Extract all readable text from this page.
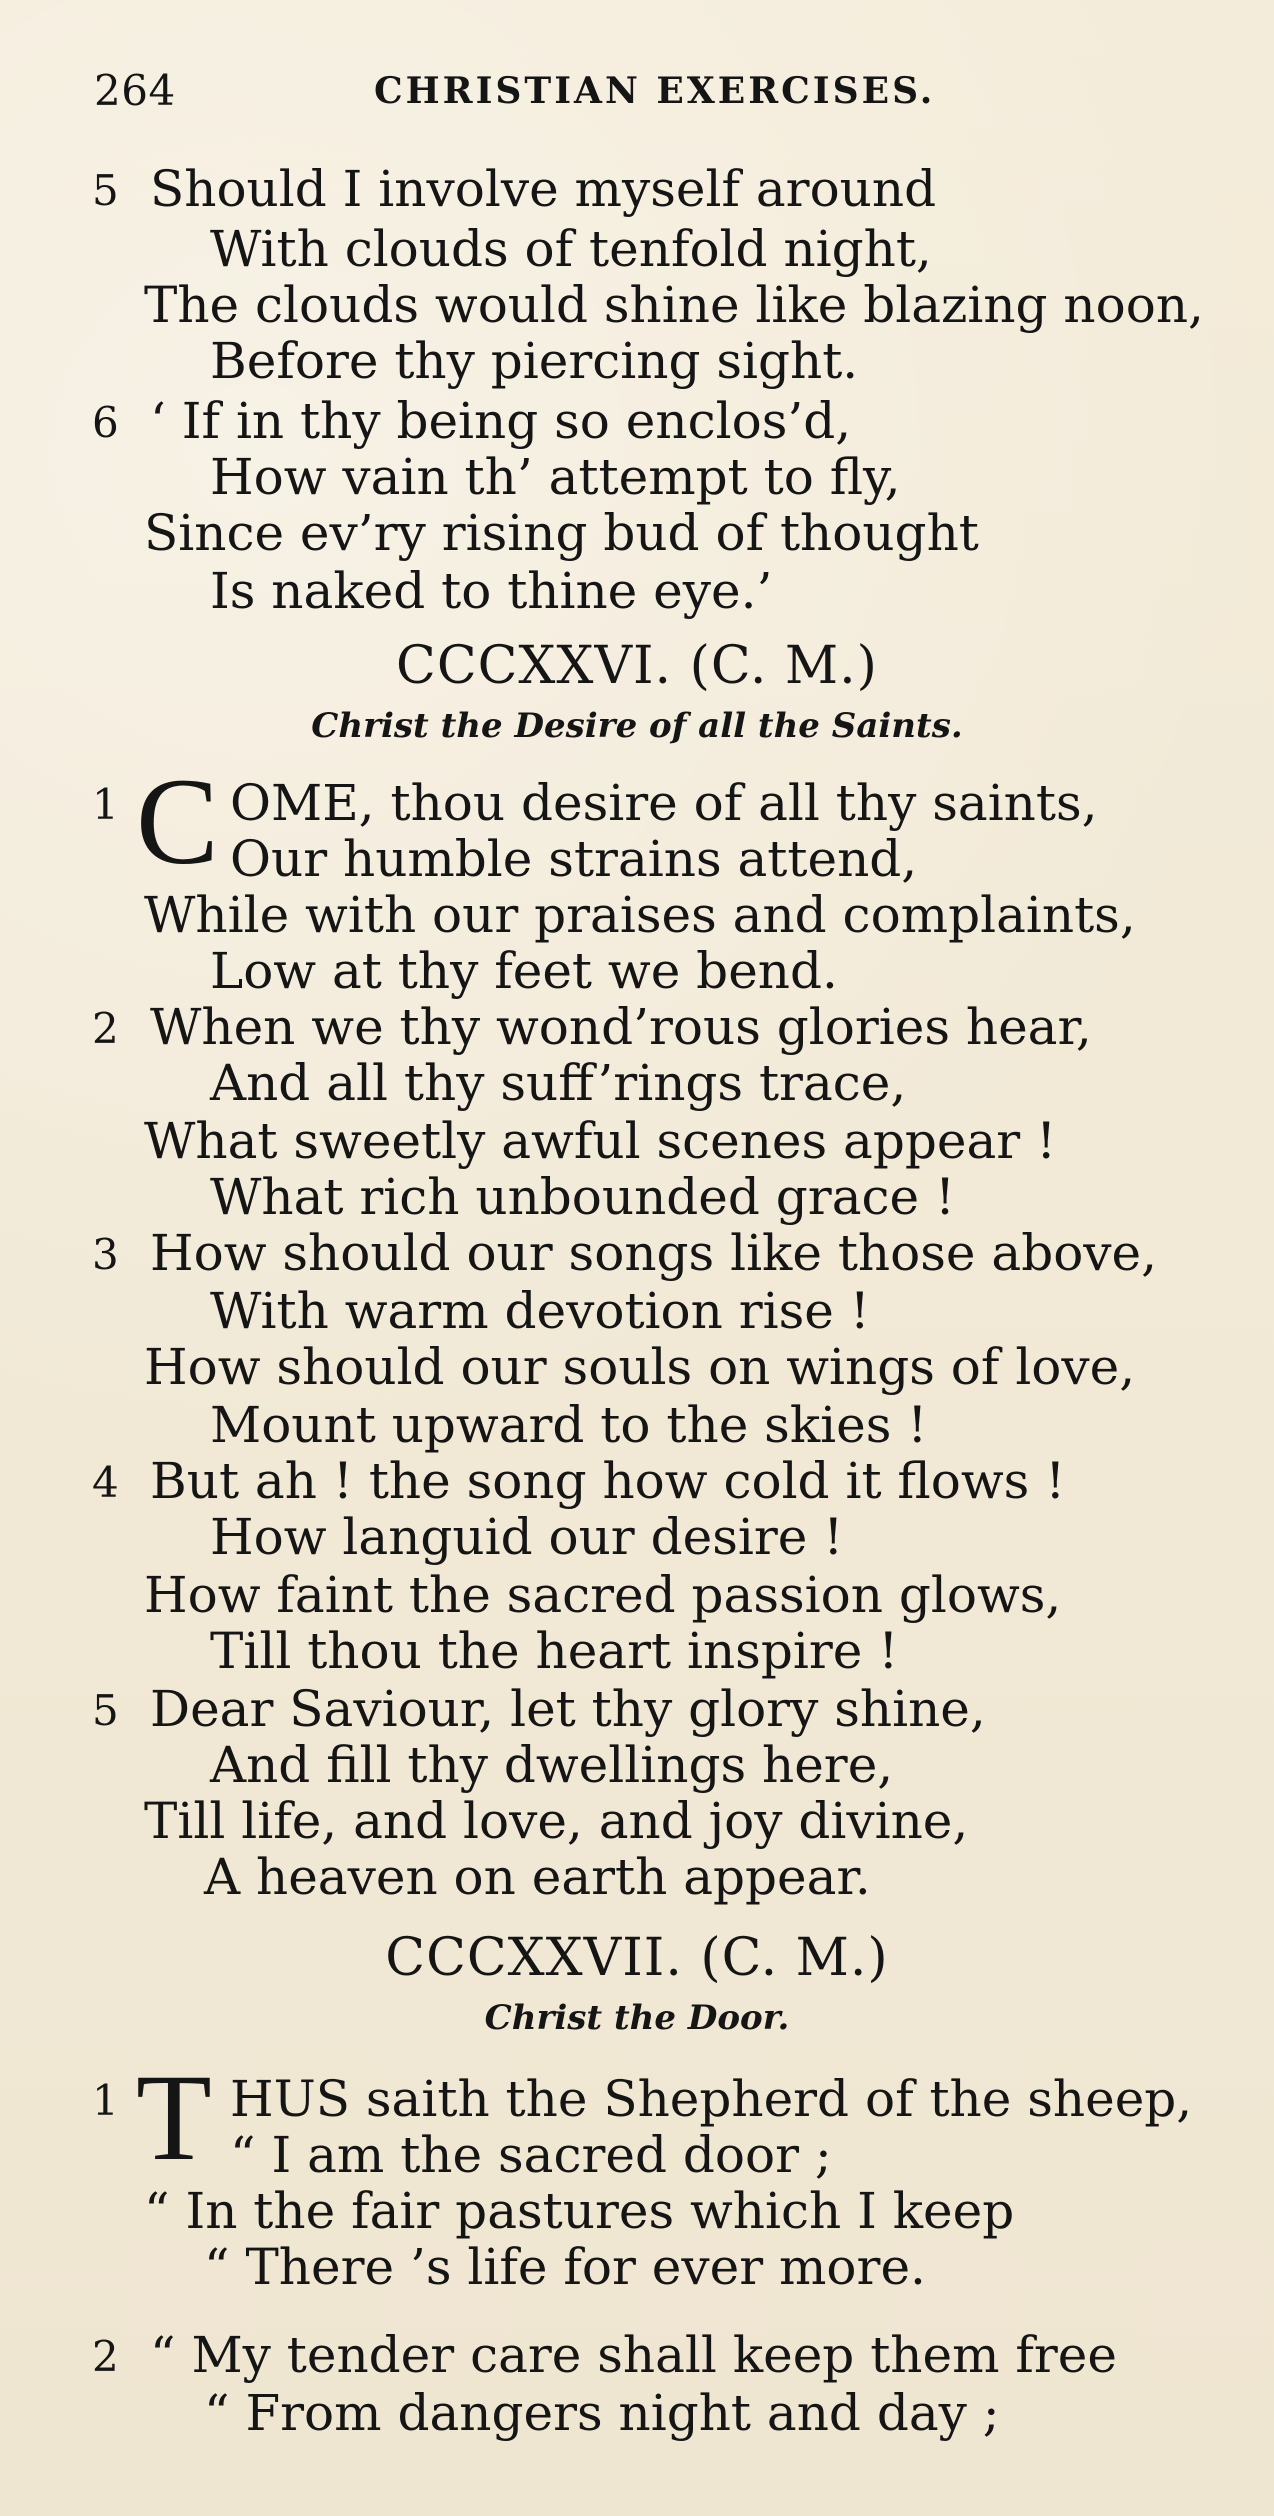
264	CHRISTIAN EXERCISES.
5 Should I involve myself around
With clouds of tenfold night,
The clouds would shine like blazing noon,
Before thy piercing sight.
6 ‘ If in thy being so enclos’d,
How vain th’ attempt to fly,
Since ev’ry rising bud of thought
Is naked to thine eye.’
CCCXXVI. (C. M.)
Christ the Desire of all the Saints.
1 C OME, thou desire of all thy saints,
Our humble strains attend,
While with our praises and complaints,
Low at thy feet we bend.
2 When we thy wond’rous glories hear,
And all thy suff’rings trace,
What sweetly awful scenes appear !
What rich unbounded grace !
3 How should our songs like those above,
With warm devotion rise !
How should our souls on wings of love,
Mount upward to the skies !
4 But ah ! the song how cold it flows !
How languid our desire !
How faint the sacred passion glows,
Till thou the heart inspire !
5 Dear Saviour, let thy glory shine,
And fill thy dwellings here,
Till life, and love, and joy divine,
A heaven on earth appear.
CCCXXVII. (C. M.)
Christ the Door.
1 T HUS saith the Shepherd of the sheep,
“ I am the sacred door ;
“ In the fair pastures which I keep
“ There ’s life for ever more.
2 “ My tender care shall keep them free
“ From dangers night and day ;
